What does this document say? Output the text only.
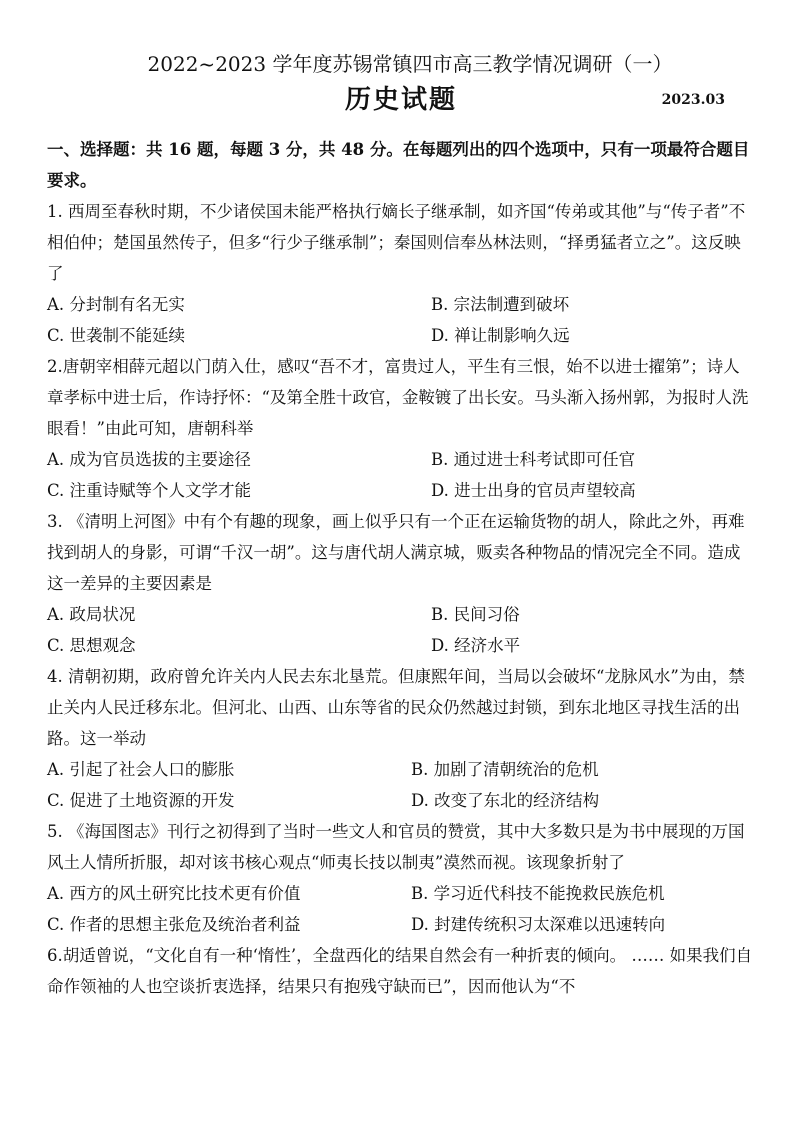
2022~2023 学年度苏锡常镇四市高三教学情况调研（一）
历史试题	2023.03
一、选择题：共 16 题，每题 3 分，共 48 分。在每题列出的四个选项中，只有一项最符合题目要求。

1. 西周至春秋时期，不少诸侯国未能严格执行嫡长子继承制，如齐国“传弟或其他”与“传子者”不相伯仲；楚国虽然传子，但多“行少子继承制”；秦国则信奉丛林法则，“择勇猛者立之”。这反映了

A. 分封制有名无实	B. 宗法制遭到破坏
C. 世袭制不能延续	D. 禅让制影响久远

2.唐朝宰相薛元超以门荫入仕，感叹“吾不才，富贵过人，平生有三恨，始不以进士擢第”；诗人章孝标中进士后，作诗抒怀：“及第全胜十政官，金鞍镀了出长安。马头渐入扬州郭，为报时人洗眼看！”由此可知，唐朝科举

A. 成为官员选拔的主要途径	B. 通过进士科考试即可任官
C. 注重诗赋等个人文学才能	D. 进士出身的官员声望较高

3. 《清明上河图》中有个有趣的现象，画上似乎只有一个正在运输货物的胡人，除此之外，再难找到胡人的身影，可谓“千汉一胡”。这与唐代胡人满京城，贩卖各种物品的情况完全不同。造成这一差异的主要因素是

A. 政局状况	B. 民间习俗
C. 思想观念	D. 经济水平

4. 清朝初期，政府曾允许关内人民去东北垦荒。但康熙年间，当局以会破坏“龙脉风水”为由，禁止关内人民迁移东北。但河北、山西、山东等省的民众仍然越过封锁，到东北地区寻找生活的出路。这一举动

A. 引起了社会人口的膨胀	B. 加剧了清朝统治的危机
C. 促进了土地资源的开发	D. 改变了东北的经济结构

5. 《海国图志》刊行之初得到了当时一些文人和官员的赞赏，其中大多数只是为书中展现的万国风土人情所折服，却对该书核心观点“师夷长技以制夷”漠然而视。该现象折射了

A. 西方的风土研究比技术更有价值	B. 学习近代科技不能挽救民族危机
C. 作者的思想主张危及统治者利益	D. 封建传统积习太深难以迅速转向

6.胡适曾说，“文化自有一种‘惰性’，全盘西化的结果自然会有一种折衷的倾向。 …… 如果我们自命作领袖的人也空谈折衷选择，结果只有抱残守缺而已”，因而他认为“不
